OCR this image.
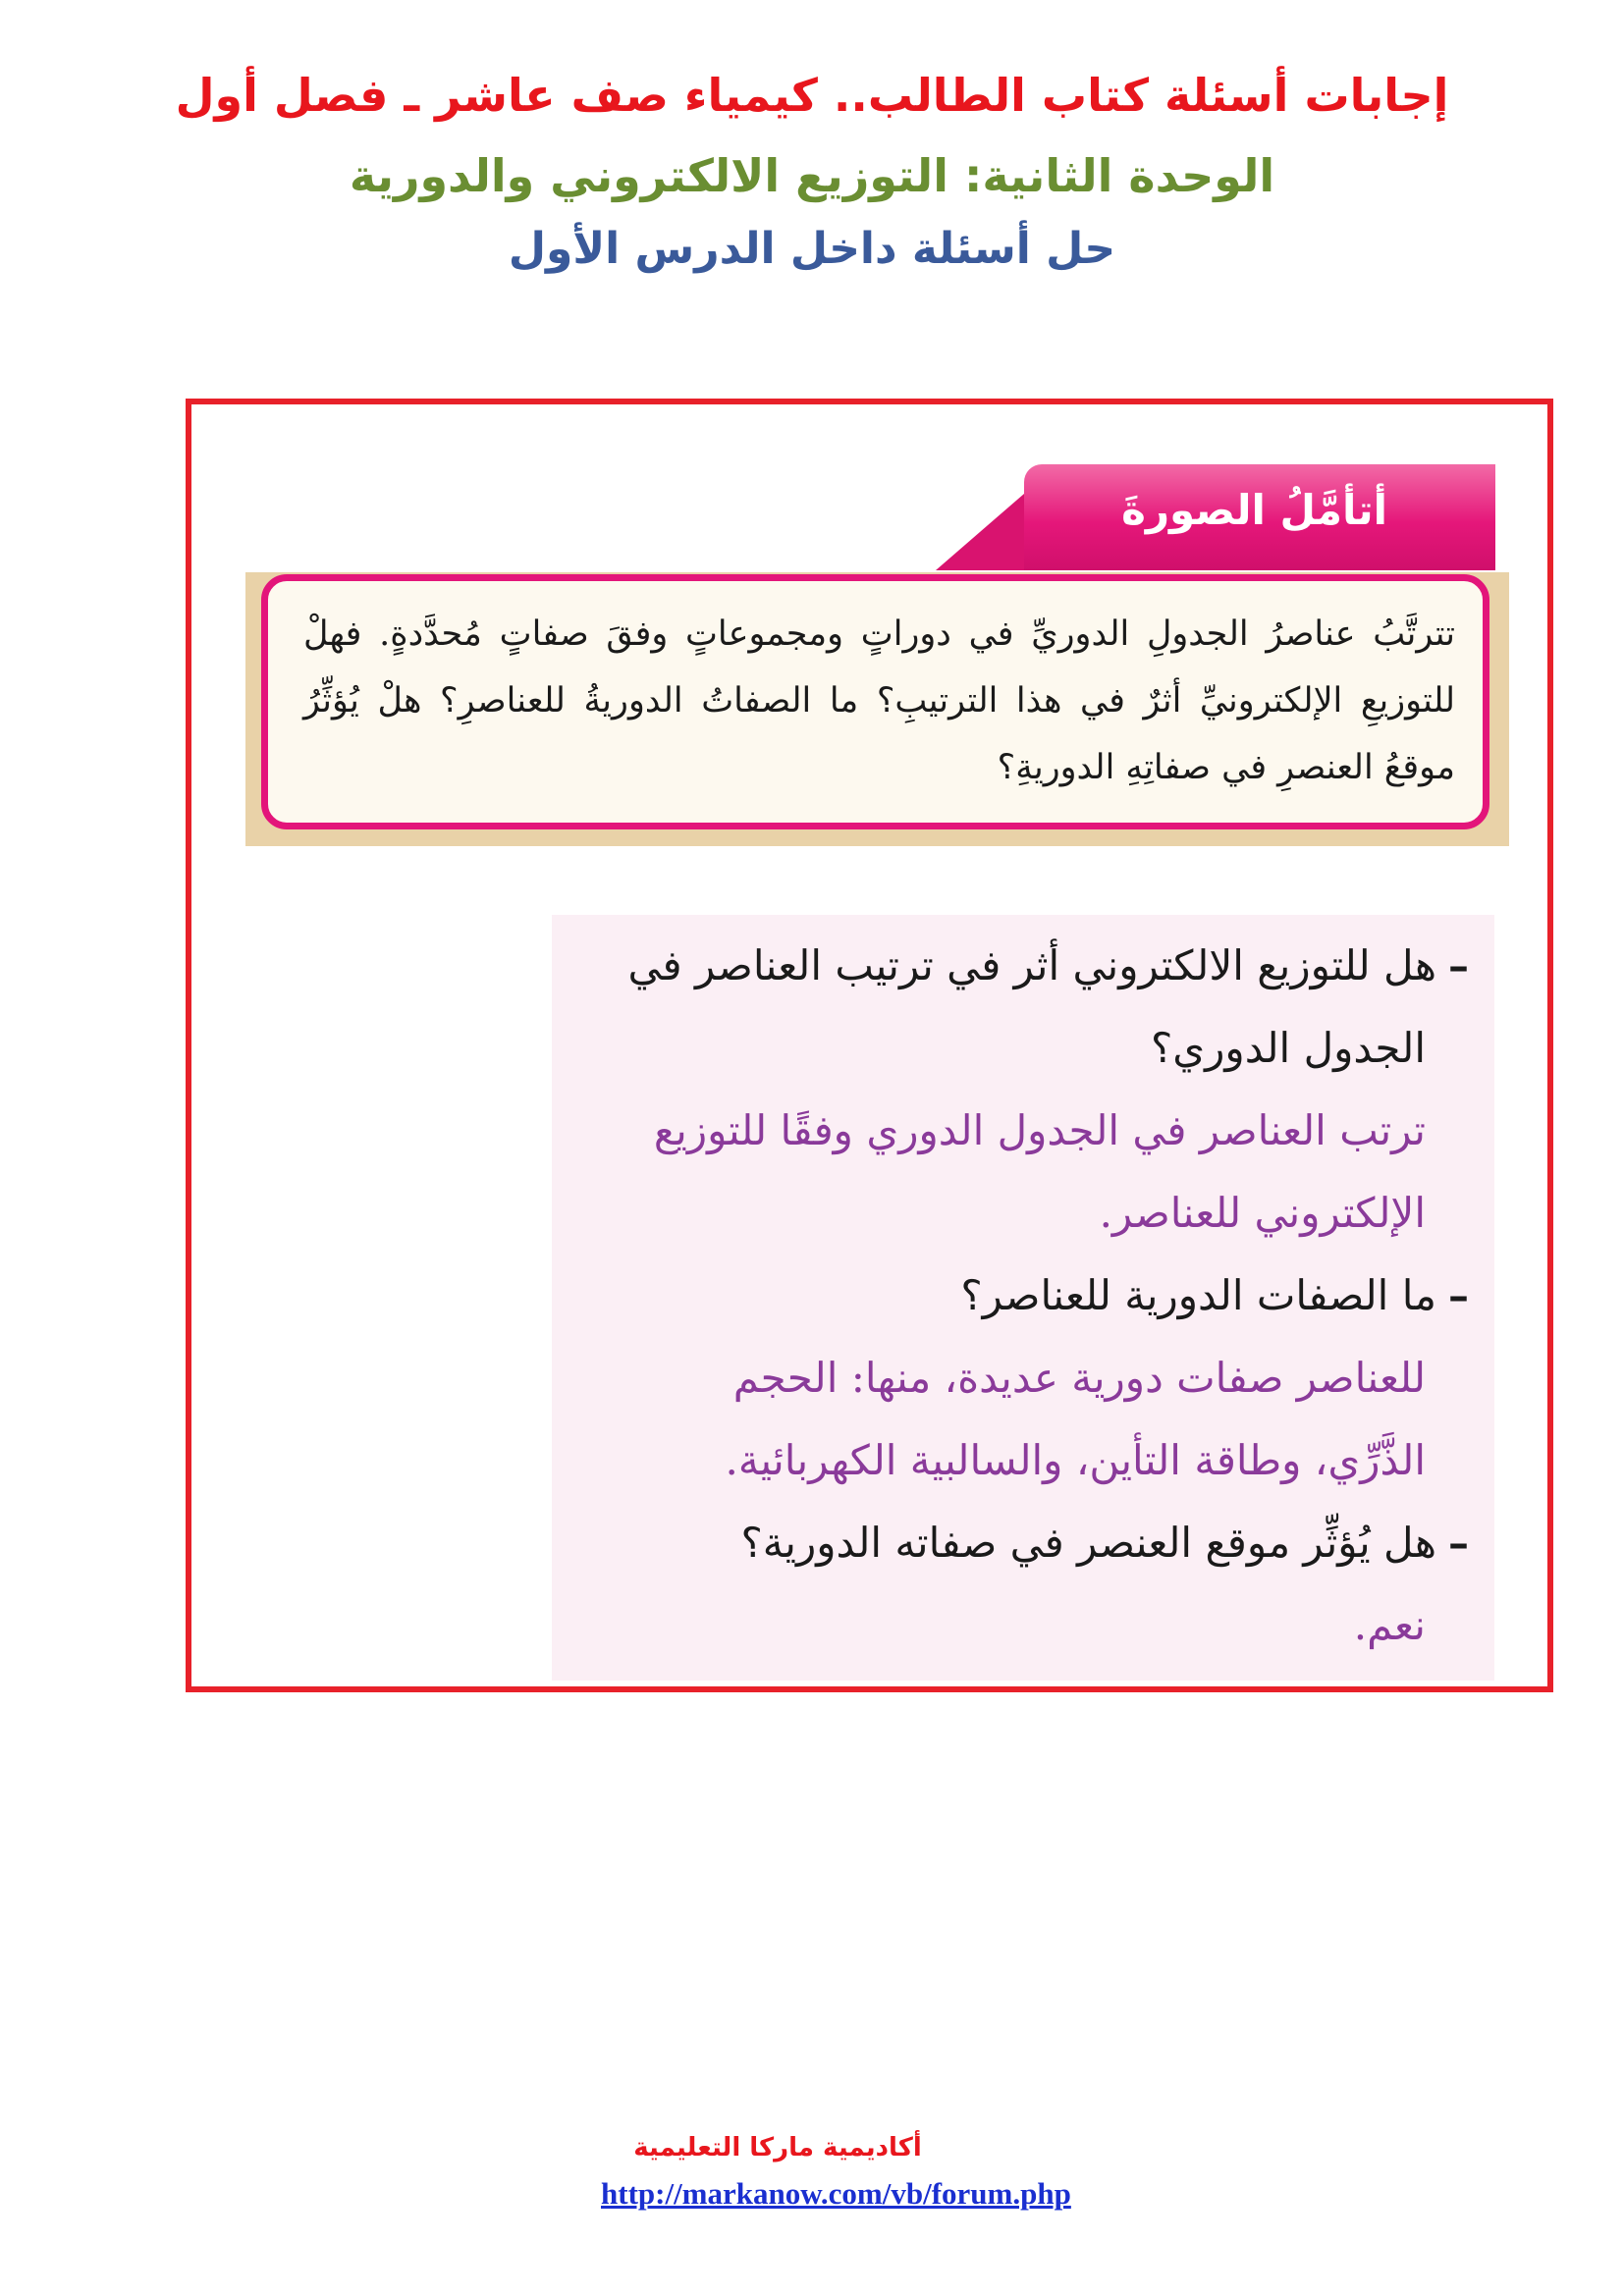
إجابات أسئلة كتاب الطالب.. كيمياء صف عاشر ـ فصل أول
الوحدة الثانية: التوزيع الالكتروني والدورية
حل أسئلة داخل الدرس الأول
أتأمَّلُ الصورةَ
تترتَّبُ عناصرُ الجدولِ الدوريِّ في دوراتٍ ومجموعاتٍ وفقَ صفاتٍ مُحدَّدةٍ. فهلْ للتوزيعِ الإلكترونيِّ أثرٌ في هذا الترتيبِ؟ ما الصفاتُ الدوريةُ للعناصرِ؟ هلْ يُؤثِّرُ موقعُ العنصرِ في صفاتِهِ الدوريةِ؟
–هل للتوزيع الالكتروني أثر في ترتيب العناصر في
الجدول الدوري؟
ترتب العناصر في الجدول الدوري وفقًا للتوزيع
الإلكتروني للعناصر.
–ما الصفات الدورية للعناصر؟
للعناصر صفات دورية عديدة، منها: الحجم
الذَّرِّي، وطاقة التأين، والسالبية الكهربائية.
–هل يُؤثِّر موقع العنصر في صفاته الدورية؟
نعم.
أكاديمية ماركا التعليمية
http://markanow.com/vb/forum.php
